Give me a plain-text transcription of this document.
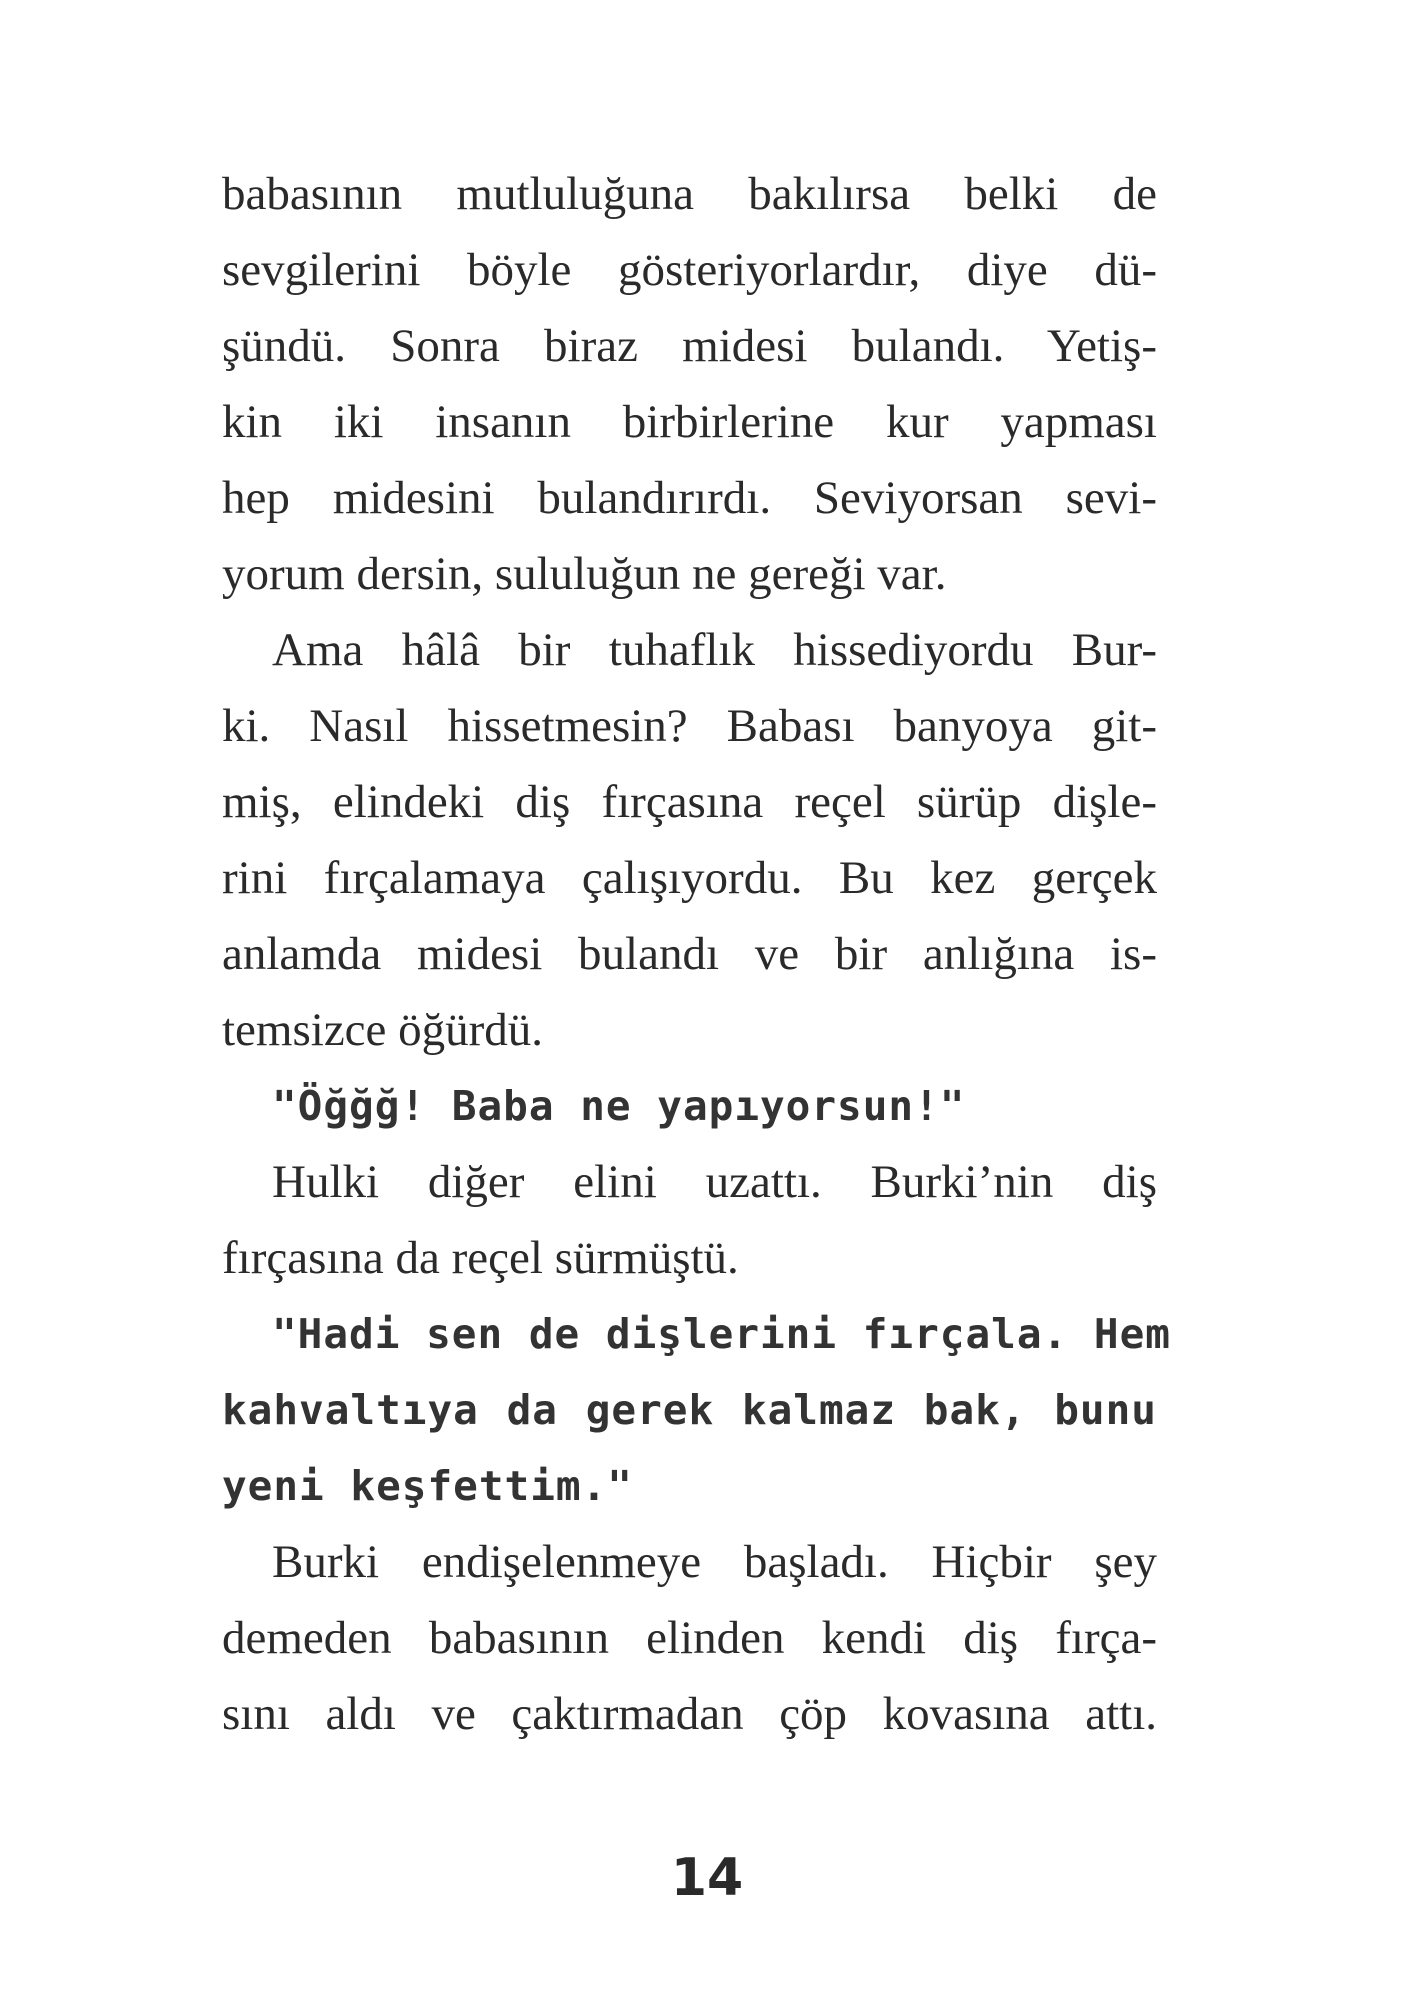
babasının mutluluğuna bakılırsa belki de
sevgilerini böyle gösteriyorlardır, diye dü-
şündü. Sonra biraz midesi bulandı. Yetiş-
kin iki insanın birbirlerine kur yapması
hep midesini bulandırırdı. Seviyorsan sevi-
yorum dersin, sululuğun ne gereği var.
Ama hâlâ bir tuhaflık hissediyordu Bur-
ki. Nasıl hissetmesin? Babası banyoya git-
miş, elindeki diş fırçasına reçel sürüp dişle-
rini fırçalamaya çalışıyordu. Bu kez gerçek
anlamda midesi bulandı ve bir anlığına is-
temsizce öğürdü.
"Öğğğ! Baba ne yapıyorsun!"
Hulki diğer elini uzattı. Burki’nin diş
fırçasına da reçel sürmüştü.
"Hadi sen de dişlerini fırçala. Hem
kahvaltıya da gerek kalmaz bak, bunu
yeni keşfettim."
Burki endişelenmeye başladı. Hiçbir şey
demeden babasının elinden kendi diş fırça-
sını aldı ve çaktırmadan çöp kovasına attı.
14
